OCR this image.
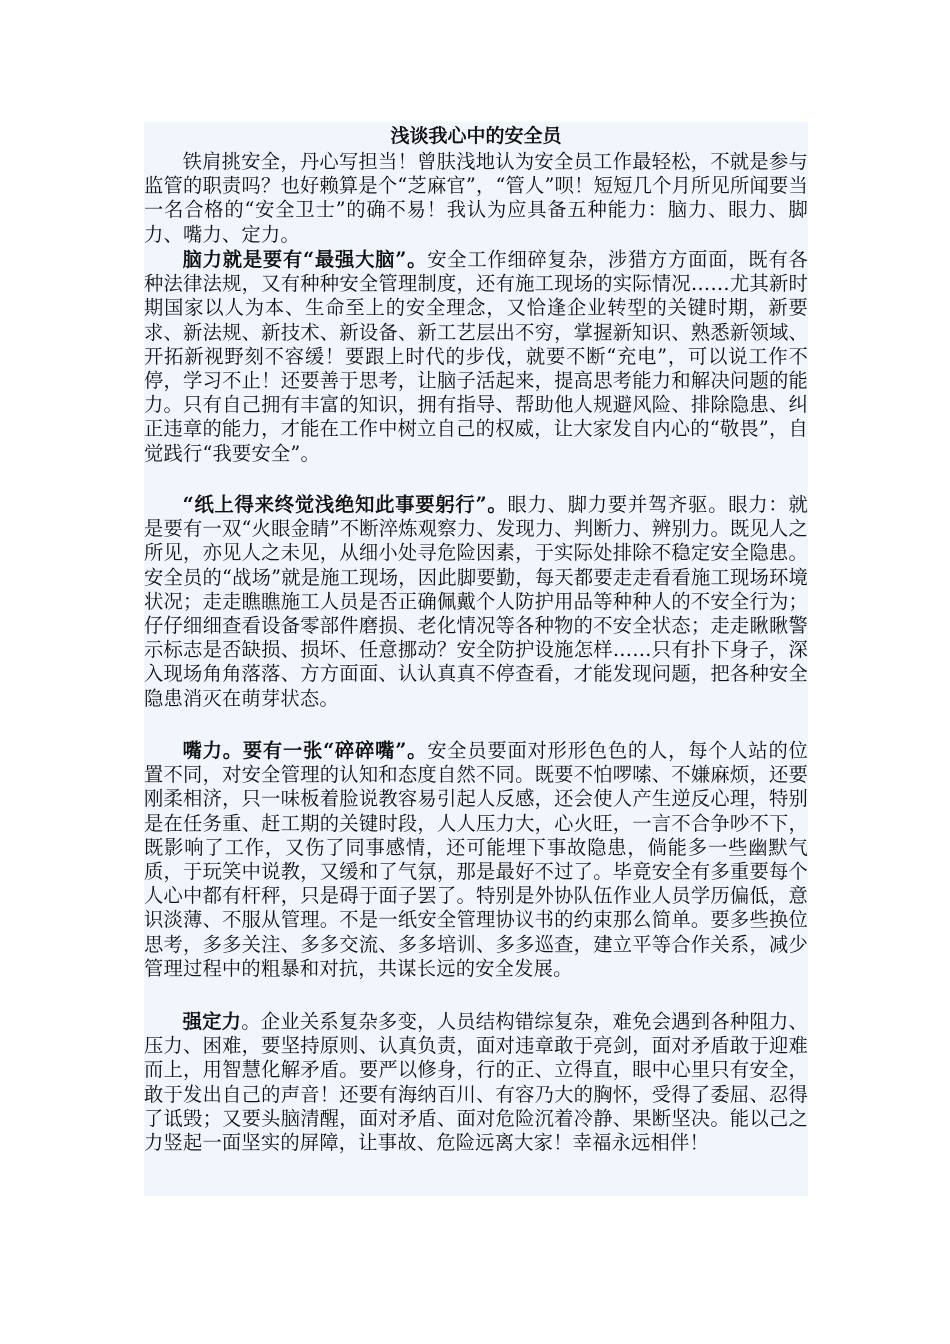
浅谈我心中的安全员
铁肩挑安全，丹心写担当！曾肤浅地认为安全员工作最轻松，不就是参与监管的职责吗？也好赖算是个“芝麻官”，“管人”呗！短短几个月所见所闻要当一名合格的“安全卫士”的确不易！我认为应具备五种能力：脑力、眼力、脚力、嘴力、定力。
脑力就是要有“最强大脑”。安全工作细碎复杂，涉猎方方面面，既有各种法律法规，又有种种安全管理制度，还有施工现场的实际情况……尤其新时期国家以人为本、生命至上的安全理念，又恰逢企业转型的关键时期，新要求、新法规、新技术、新设备、新工艺层出不穷，掌握新知识、熟悉新领域、开拓新视野刻不容缓！要跟上时代的步伐，就要不断“充电”，可以说工作不停，学习不止！还要善于思考，让脑子活起来，提高思考能力和解决问题的能力。只有自己拥有丰富的知识，拥有指导、帮助他人规避风险、排除隐患、纠正违章的能力，才能在工作中树立自己的权威，让大家发自内心的“敬畏”，自觉践行“我要安全”。
“纸上得来终觉浅绝知此事要躬行”。眼力、脚力要并驾齐驱。眼力：就是要有一双“火眼金睛”不断淬炼观察力、发现力、判断力、辨别力。既见人之所见，亦见人之未见，从细小处寻危险因素，于实际处排除不稳定安全隐患。安全员的“战场”就是施工现场，因此脚要勤，每天都要走走看看施工现场环境状况；走走瞧瞧施工人员是否正确佩戴个人防护用品等种种人的不安全行为；仔仔细细查看设备零部件磨损、老化情况等各种物的不安全状态；走走瞅瞅警示标志是否缺损、损坏、任意挪动？安全防护设施怎样……只有扑下身子，深入现场角角落落、方方面面、认认真真不停查看，才能发现问题，把各种安全隐患消灭在萌芽状态。
嘴力。要有一张“碎碎嘴”。安全员要面对形形色色的人，每个人站的位置不同，对安全管理的认知和态度自然不同。既要不怕啰嗦、不嫌麻烦，还要刚柔相济，只一味板着脸说教容易引起人反感，还会使人产生逆反心理，特别是在任务重、赶工期的关键时段，人人压力大，心火旺，一言不合争吵不下，既影响了工作，又伤了同事感情，还可能埋下事故隐患，倘能多一些幽默气质，于玩笑中说教，又缓和了气氛，那是最好不过了。毕竟安全有多重要每个人心中都有杆秤，只是碍于面子罢了。特别是外协队伍作业人员学历偏低，意识淡薄、不服从管理。不是一纸安全管理协议书的约束那么简单。要多些换位思考，多多关注、多多交流、多多培训、多多巡查，建立平等合作关系，减少管理过程中的粗暴和对抗，共谋长远的安全发展。
强定力。企业关系复杂多变，人员结构错综复杂，难免会遇到各种阻力、压力、困难，要坚持原则、认真负责，面对违章敢于亮剑，面对矛盾敢于迎难而上，用智慧化解矛盾。要严以修身，行的正、立得直，眼中心里只有安全，敢于发出自己的声音！还要有海纳百川、有容乃大的胸怀，受得了委屈、忍得了诋毁；又要头脑清醒，面对矛盾、面对危险沉着冷静、果断坚决。能以己之力竖起一面坚实的屏障，让事故、危险远离大家！幸福永远相伴！
